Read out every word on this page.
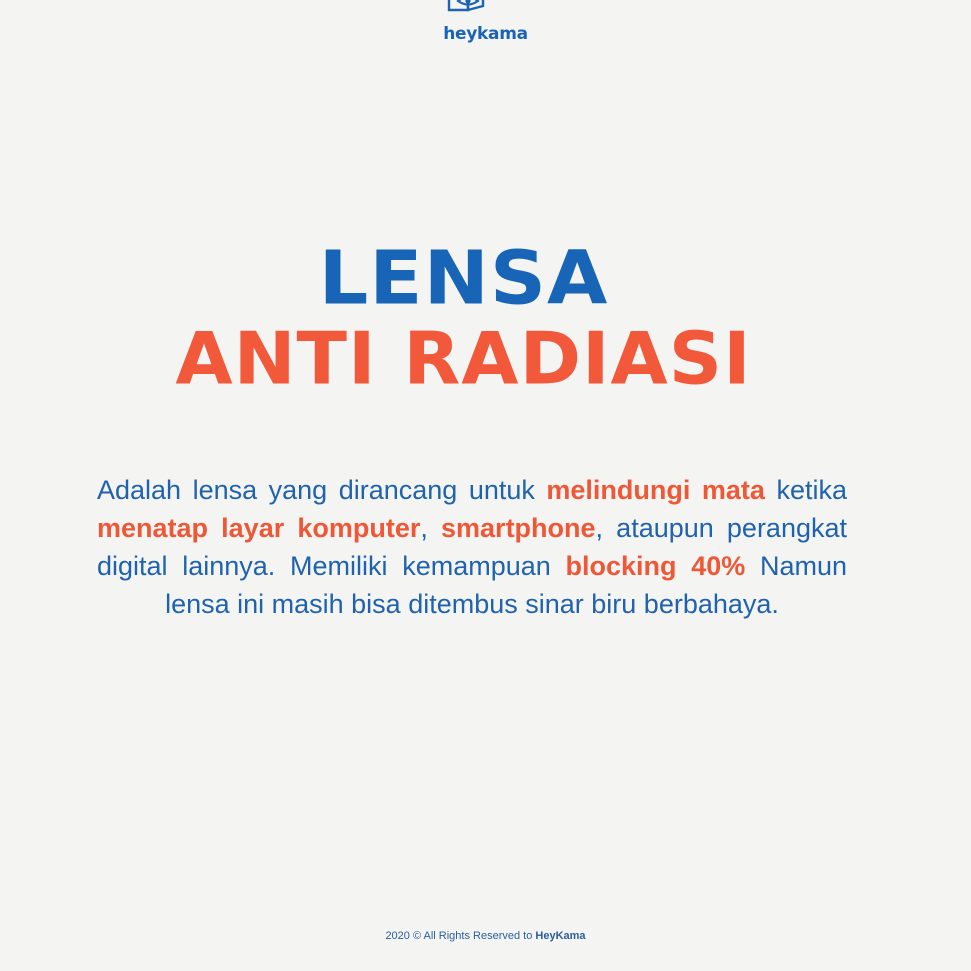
heykama
LENSA
ANTI RADIASI

Adalah lensa yang dirancang untuk melindungi mata ketika menatap layar komputer, smartphone, ataupun perangkat digital lainnya. Memiliki kemampuan blocking 40% Namun lensa ini masih bisa ditembus sinar biru berbahaya.

2020 © All Rights Reserved to HeyKama
